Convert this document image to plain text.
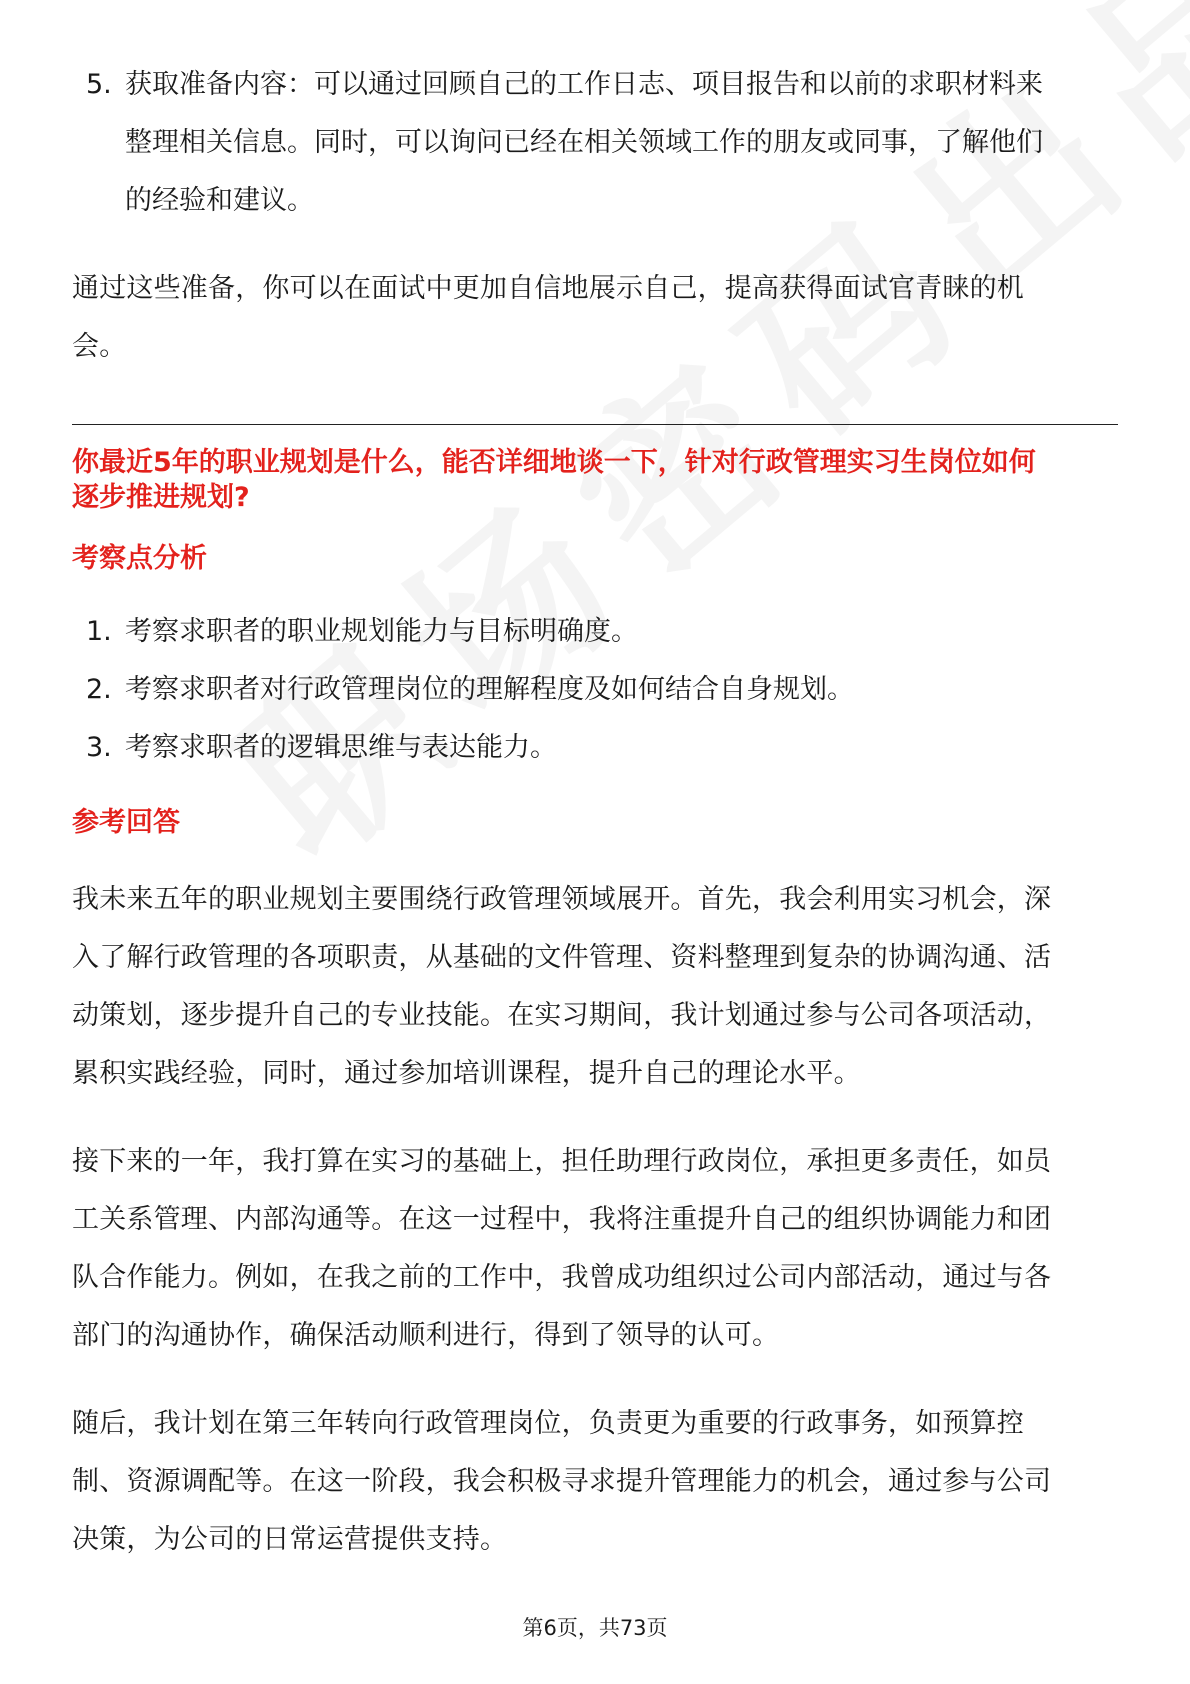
5. 获取准备内容：可以通过回顾自己的工作日志、项目报告和以前的求职材料来
整理相关信息。同时，可以询问已经在相关领域工作的朋友或同事，了解他们
的经验和建议。
通过这些准备，你可以在面试中更加自信地展示自己，提高获得面试官青睐的机
会。
你最近5年的职业规划是什么，能否详细地谈一下，针对行政管理实习生岗位如何
逐步推进规划?
考察点分析
1. 考察求职者的职业规划能力与目标明确度。
2. 考察求职者对行政管理岗位的理解程度及如何结合自身规划。
3. 考察求职者的逻辑思维与表达能力。
参考回答
我未来五年的职业规划主要围绕行政管理领域展开。首先，我会利用实习机会，深
入了解行政管理的各项职责，从基础的文件管理、资料整理到复杂的协调沟通、活
动策划，逐步提升自己的专业技能。在实习期间，我计划通过参与公司各项活动，
累积实践经验，同时，通过参加培训课程，提升自己的理论水平。
接下来的一年，我打算在实习的基础上，担任助理行政岗位，承担更多责任，如员
工关系管理、内部沟通等。在这一过程中，我将注重提升自己的组织协调能力和团
队合作能力。例如，在我之前的工作中，我曾成功组织过公司内部活动，通过与各
部门的沟通协作，确保活动顺利进行，得到了领导的认可。
随后，我计划在第三年转向行政管理岗位，负责更为重要的行政事务，如预算控
制、资源调配等。在这一阶段，我会积极寻求提升管理能力的机会，通过参与公司
决策，为公司的日常运营提供支持。
第6页，共73页
